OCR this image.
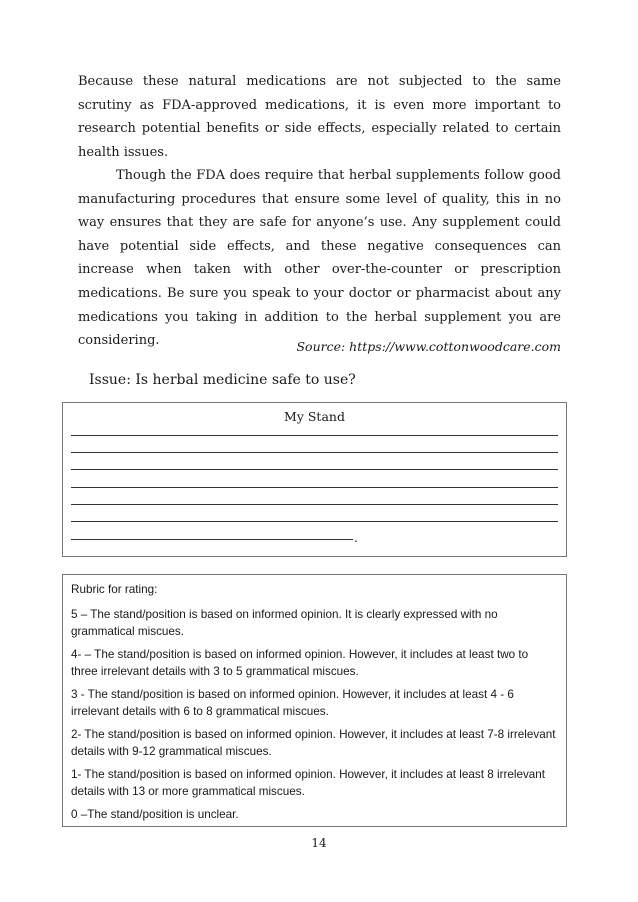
Because these natural medications are not subjected to the same scrutiny as FDA-approved medications, it is even more important to research potential benefits or side effects, especially related to certain health issues.

Though the FDA does require that herbal supplements follow good manufacturing procedures that ensure some level of quality, this in no way ensures that they are safe for anyone’s use. Any supplement could have potential side effects, and these negative consequences can increase when taken with other over-the-counter or prescription medications. Be sure you speak to your doctor or pharmacist about any medications you taking in addition to the herbal supplement you are considering.	Source: https://www.cottonwoodcare.com

Issue: Is herbal medicine safe to use?

My Stand

.

Rubric for rating:

5 – The stand/position is based on informed opinion. It is clearly expressed with no grammatical miscues.

4- – The stand/position is based on informed opinion. However, it includes at least two to three irrelevant details with 3 to 5 grammatical miscues.

3 - The stand/position is based on informed opinion. However, it includes at least 4 - 6 irrelevant details with 6 to 8 grammatical miscues.

2- The stand/position is based on informed opinion. However, it includes at least 7-8 irrelevant details with 9-12 grammatical miscues.

1- The stand/position is based on informed opinion. However, it includes at least 8 irrelevant details with 13 or more grammatical miscues.

0 –The stand/position is unclear.

14
